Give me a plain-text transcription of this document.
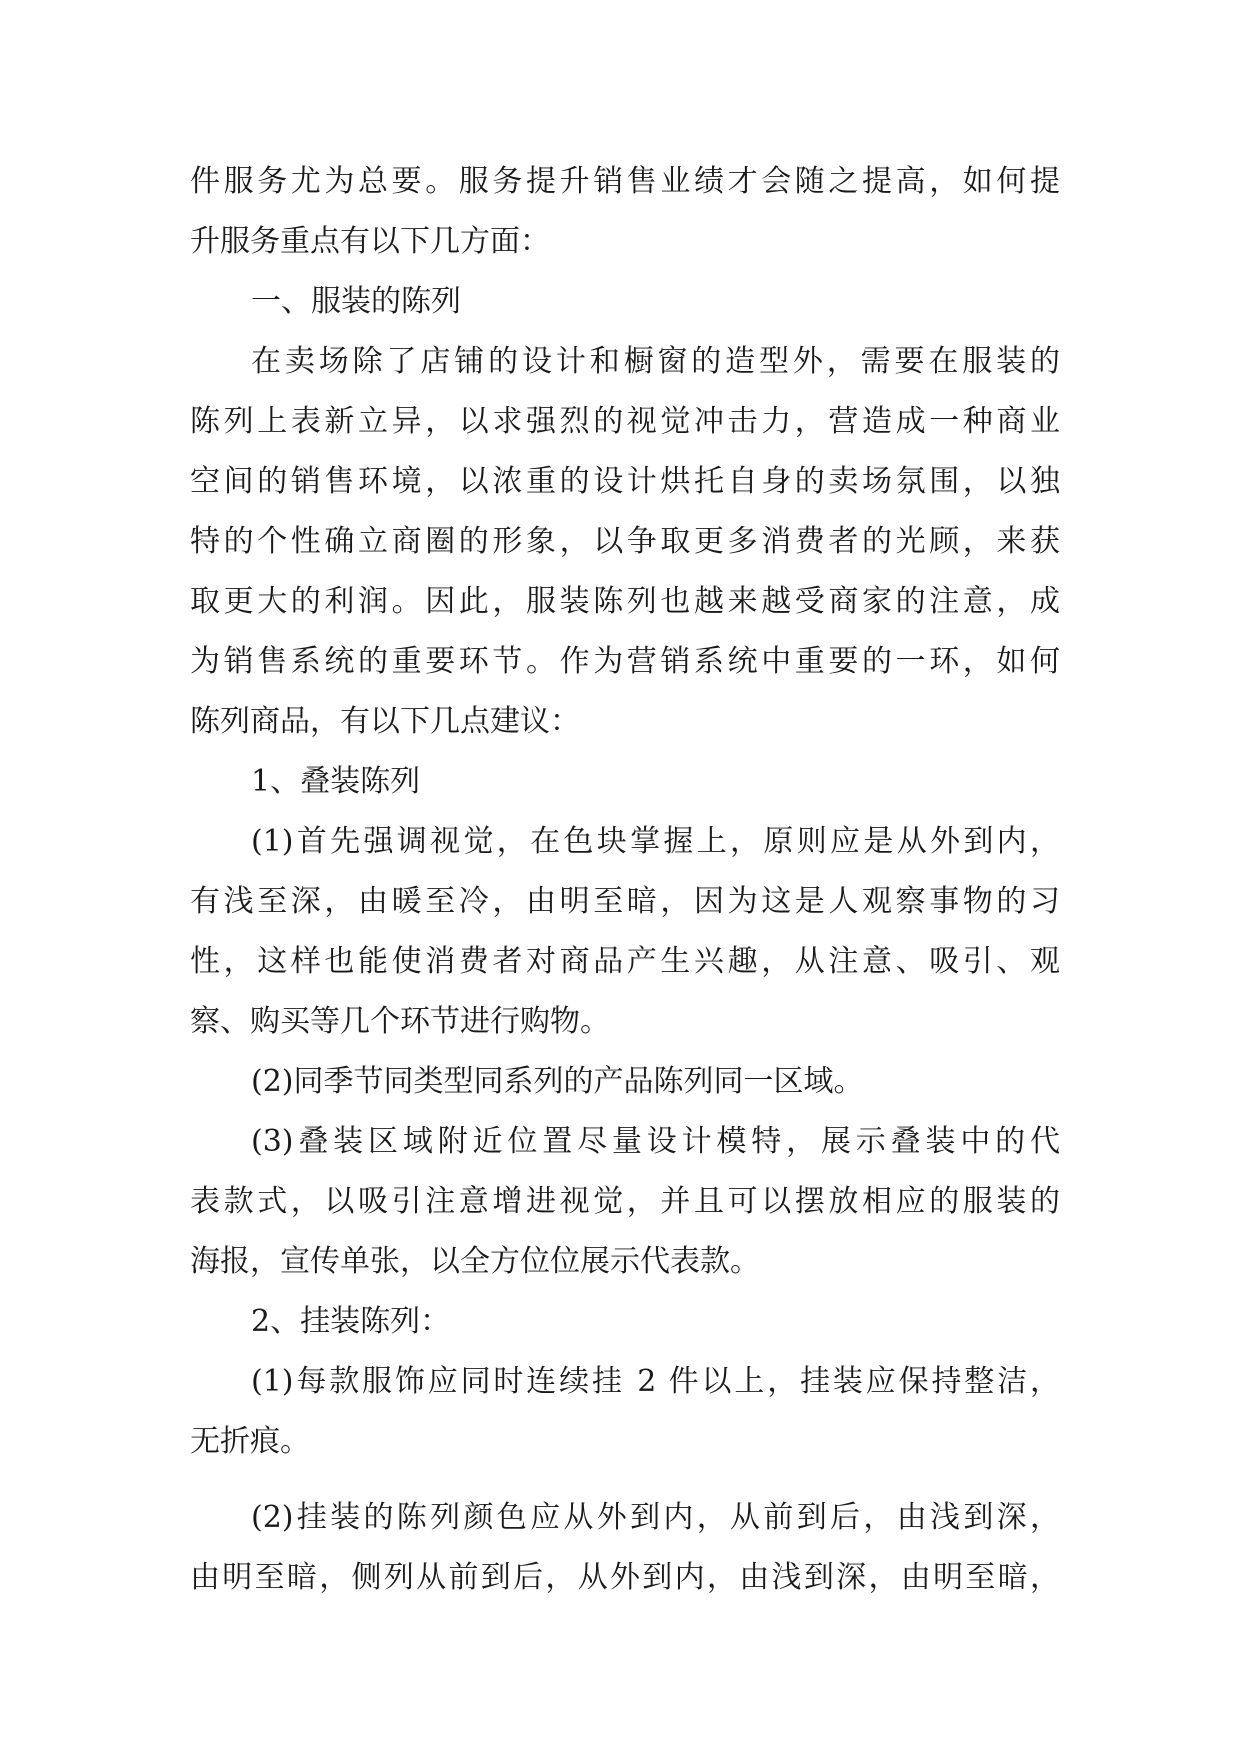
件服务尤为总要。服务提升销售业绩才会随之提高，如何提
升服务重点有以下几方面：
一、服装的陈列
在卖场除了店铺的设计和橱窗的造型外，需要在服装的
陈列上表新立异，以求强烈的视觉冲击力，营造成一种商业
空间的销售环境，以浓重的设计烘托自身的卖场氛围，以独
特的个性确立商圈的形象，以争取更多消费者的光顾，来获
取更大的利润。因此，服装陈列也越来越受商家的注意，成
为销售系统的重要环节。作为营销系统中重要的一环，如何
陈列商品，有以下几点建议：
1、叠装陈列
(1)首先强调视觉，在色块掌握上，原则应是从外到内，
有浅至深，由暖至冷，由明至暗，因为这是人观察事物的习
性，这样也能使消费者对商品产生兴趣，从注意、吸引、观
察、购买等几个环节进行购物。
(2)同季节同类型同系列的产品陈列同一区域。
(3)叠装区域附近位置尽量设计模特，展示叠装中的代
表款式，以吸引注意增进视觉，并且可以摆放相应的服装的
海报，宣传单张，以全方位位展示代表款。
2、挂装陈列：
(1)每款服饰应同时连续挂 2 件以上，挂装应保持整洁，
无折痕。
(2)挂装的陈列颜色应从外到内，从前到后，由浅到深，
由明至暗，侧列从前到后，从外到内，由浅到深，由明至暗，
